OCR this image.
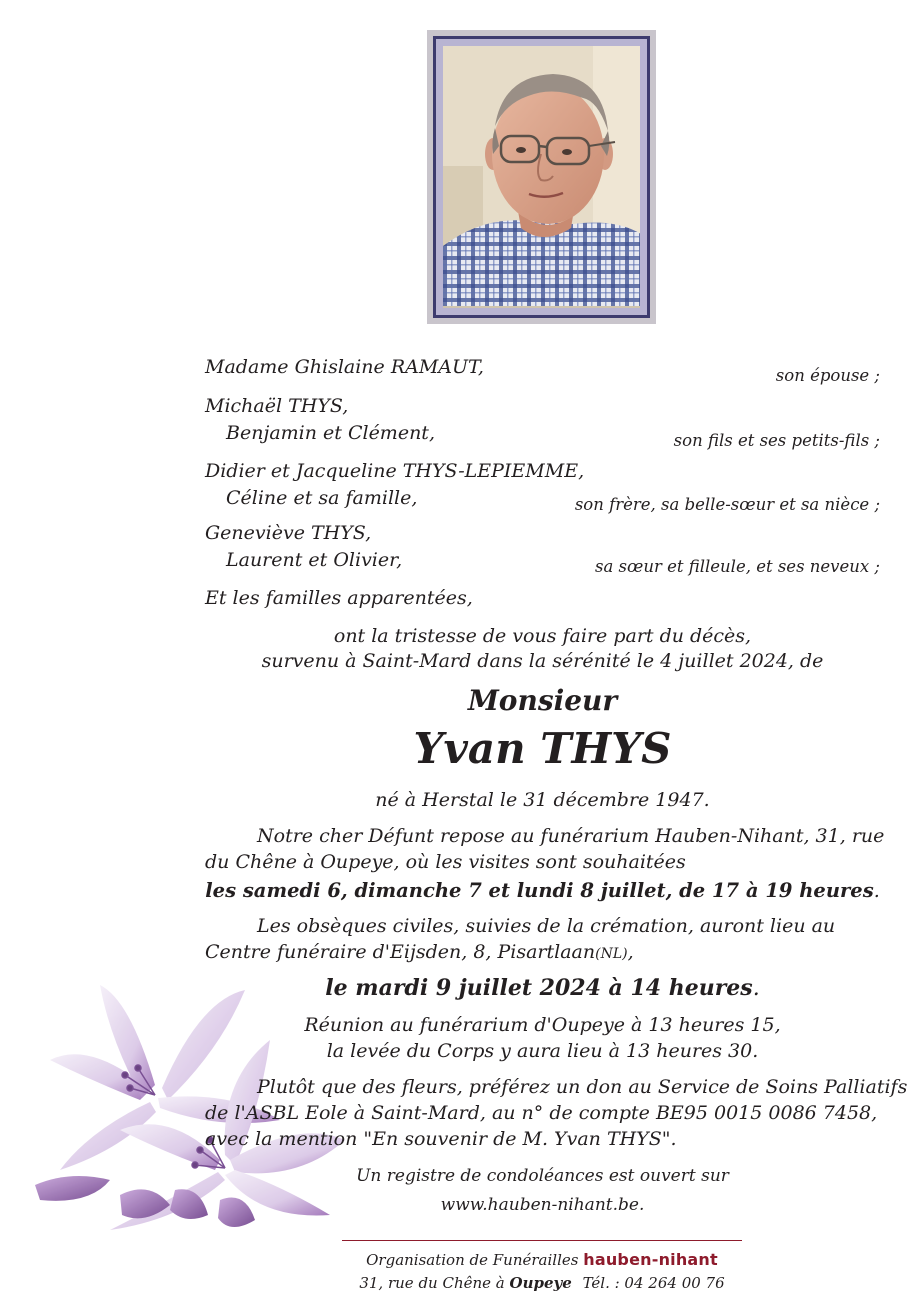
Madame Ghislaine RAMAUT,	son épouse ;
Michaël THYS,
Benjamin et Clément,	son fils et ses petits-fils ;
Didier et Jacqueline THYS-LEPIEMME,
Céline et sa famille,	son frère, sa belle-sœur et sa nièce ;
Geneviève THYS,
Laurent et Olivier,	sa sœur et filleule, et ses neveux ;
Et les familles apparentées,
ont la tristesse de vous faire part du décès,
survenu à Saint-Mard dans la sérénité le 4 juillet 2024, de
Monsieur
Yvan THYS
né à Herstal le 31 décembre 1947.
Notre cher Défunt repose au funérarium Hauben-Nihant, 31, rue
du Chêne à Oupeye, où les visites sont souhaitées
les samedi 6, dimanche 7 et lundi 8 juillet, de 17 à 19 heures.
Les obsèques civiles, suivies de la crémation, auront lieu au
Centre funéraire d'Eijsden, 8, Pisartlaan(NL),
le mardi 9 juillet 2024 à 14 heures.
Réunion au funérarium d'Oupeye à 13 heures 15,
la levée du Corps y aura lieu à 13 heures 30.
Plutôt que des fleurs, préférez un don au Service de Soins Palliatifs
de l'ASBL Eole à Saint-Mard, au n° de compte BE95 0015 0086 7458,
avec la mention "En souvenir de M. Yvan THYS".
Un registre de condoléances est ouvert sur
www.hauben-nihant.be.
Organisation de Funérailles hauben-nihant
31, rue du Chêne à Oupeye Tél. : 04 264 00 76
